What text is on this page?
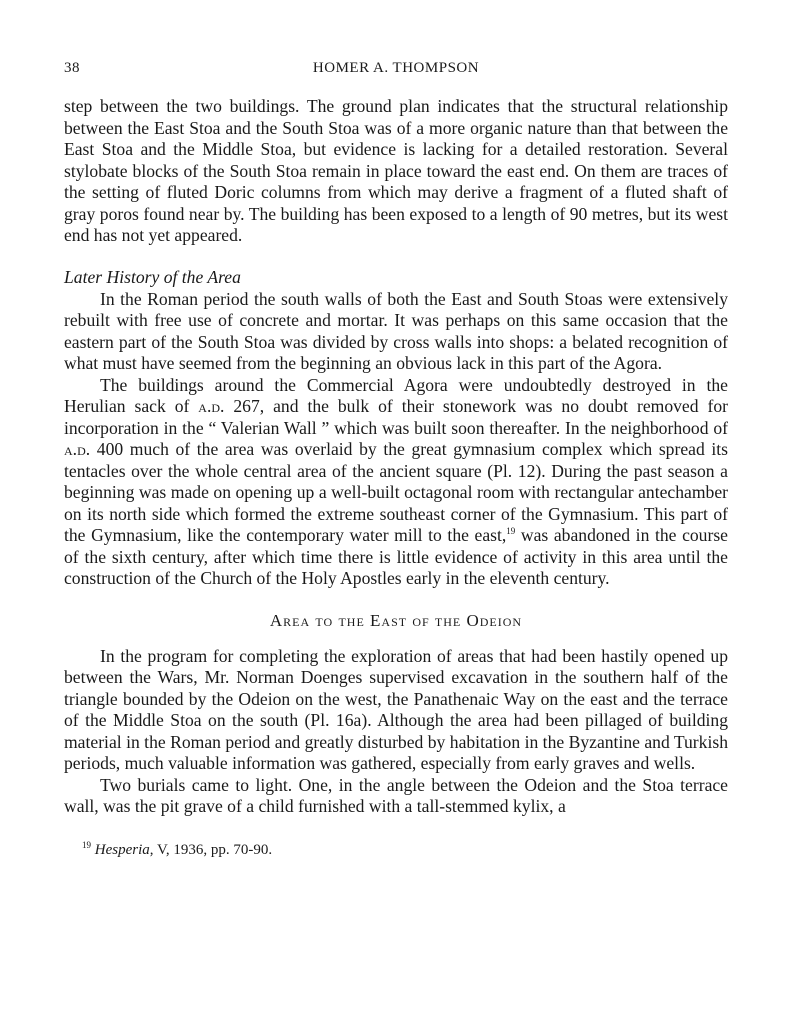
38	HOMER A. THOMPSON

step between the two buildings. The ground plan indicates that the structural relationship between the East Stoa and the South Stoa was of a more organic nature than that between the East Stoa and the Middle Stoa, but evidence is lacking for a detailed restoration. Several stylobate blocks of the South Stoa remain in place toward the east end. On them are traces of the setting of fluted Doric columns from which may derive a fragment of a fluted shaft of gray poros found near by. The building has been exposed to a length of 90 metres, but its west end has not yet appeared.

Later History of the Area

In the Roman period the south walls of both the East and South Stoas were extensively rebuilt with free use of concrete and mortar. It was perhaps on this same occasion that the eastern part of the South Stoa was divided by cross walls into shops: a belated recognition of what must have seemed from the beginning an obvious lack in this part of the Agora.

The buildings around the Commercial Agora were undoubtedly destroyed in the Herulian sack of a.d. 267, and the bulk of their stonework was no doubt removed for incorporation in the “ Valerian Wall ” which was built soon thereafter. In the neighborhood of a.d. 400 much of the area was overlaid by the great gymnasium complex which spread its tentacles over the whole central area of the ancient square (Pl. 12). During the past season a beginning was made on opening up a well-built octagonal room with rectangular antechamber on its north side which formed the extreme southeast corner of the Gymnasium. This part of the Gymnasium, like the contemporary water mill to the east,$^{19}$ was abandoned in the course of the sixth century, after which time there is little evidence of activity in this area until the construction of the Church of the Holy Apostles early in the eleventh century.

Area to the East of the Odeion

In the program for completing the exploration of areas that had been hastily opened up between the Wars, Mr. Norman Doenges supervised excavation in the southern half of the triangle bounded by the Odeion on the west, the Panathenaic Way on the east and the terrace of the Middle Stoa on the south (Pl. 16a). Although the area had been pillaged of building material in the Roman period and greatly disturbed by habitation in the Byzantine and Turkish periods, much valuable information was gathered, especially from early graves and wells.

Two burials came to light. One, in the angle between the Odeion and the Stoa terrace wall, was the pit grave of a child furnished with a tall-stemmed kylix, a

$^{19}$ Hesperia, V, 1936, pp. 70-90.
